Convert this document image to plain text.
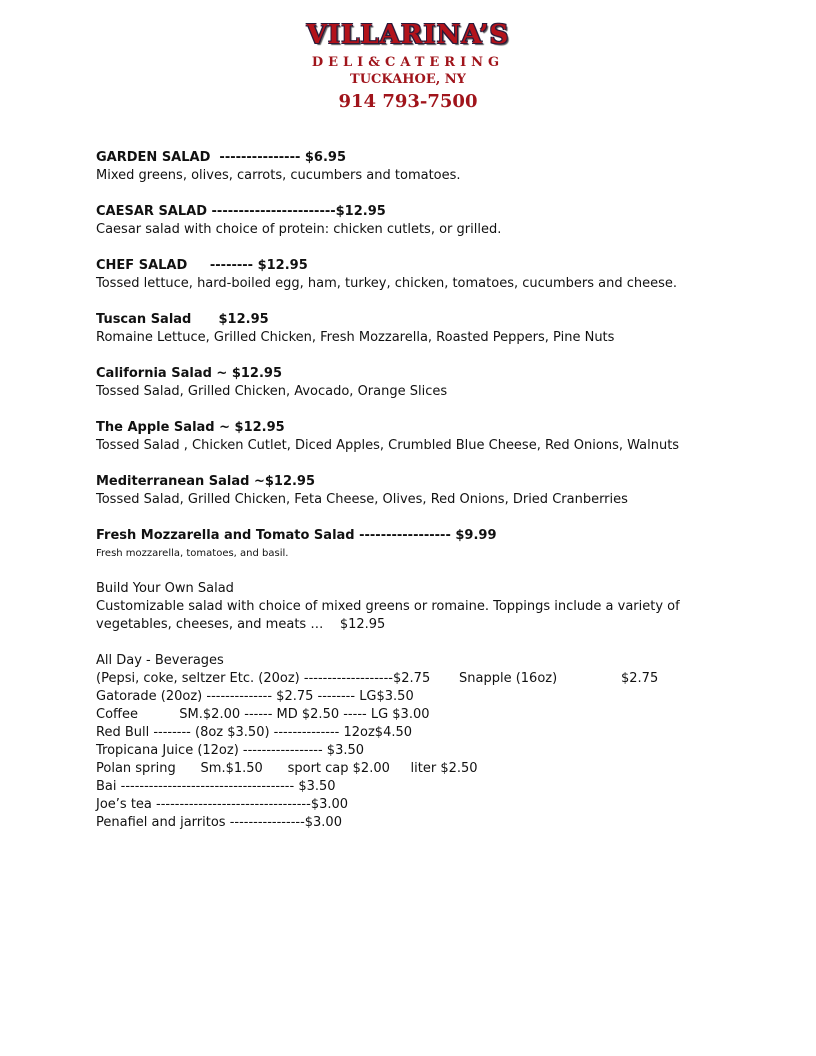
VILLARINA’S
DELI&CATERING
TUCKAHOE, NY
914 793-7500
GARDEN SALAD  --------------- $6.95
Mixed greens, olives, carrots, cucumbers and tomatoes.
CAESAR SALAD -----------------------$12.95
Caesar salad with choice of protein: chicken cutlets, or grilled.
CHEF SALAD     -------- $12.95
Tossed lettuce, hard-boiled egg, ham, turkey, chicken, tomatoes, cucumbers and cheese.
Tuscan Salad      $12.95
Romaine Lettuce, Grilled Chicken, Fresh Mozzarella, Roasted Peppers, Pine Nuts
California Salad ~ $12.95
Tossed Salad, Grilled Chicken, Avocado, Orange Slices
The Apple Salad ~ $12.95
Tossed Salad , Chicken Cutlet, Diced Apples, Crumbled Blue Cheese, Red Onions, Walnuts
Mediterranean Salad ~$12.95
Tossed Salad, Grilled Chicken, Feta Cheese, Olives, Red Onions, Dried Cranberries
Fresh Mozzarella and Tomato Salad ----------------- $9.99
Fresh mozzarella, tomatoes, and basil.
Build Your Own Salad
Customizable salad with choice of mixed greens or romaine. Toppings include a variety of
vegetables, cheeses, and meats …    $12.95
All Day - Beverages
(Pepsi, coke, seltzer Etc. (20oz) -------------------$2.75 Snapple (16oz)	$2.75
Gatorade (20oz) -------------- $2.75 -------- LG$3.50
Coffee          SM.$2.00 ------ MD $2.50 ----- LG $3.00
Red Bull -------- (8oz $3.50) -------------- 12oz$4.50
Tropicana Juice (12oz) ----------------- $3.50
Polan spring      Sm.$1.50      sport cap $2.00     liter $2.50
Bai ------------------------------------- $3.50
Joe’s tea ---------------------------------$3.00
Penafiel and jarritos ----------------$3.00
